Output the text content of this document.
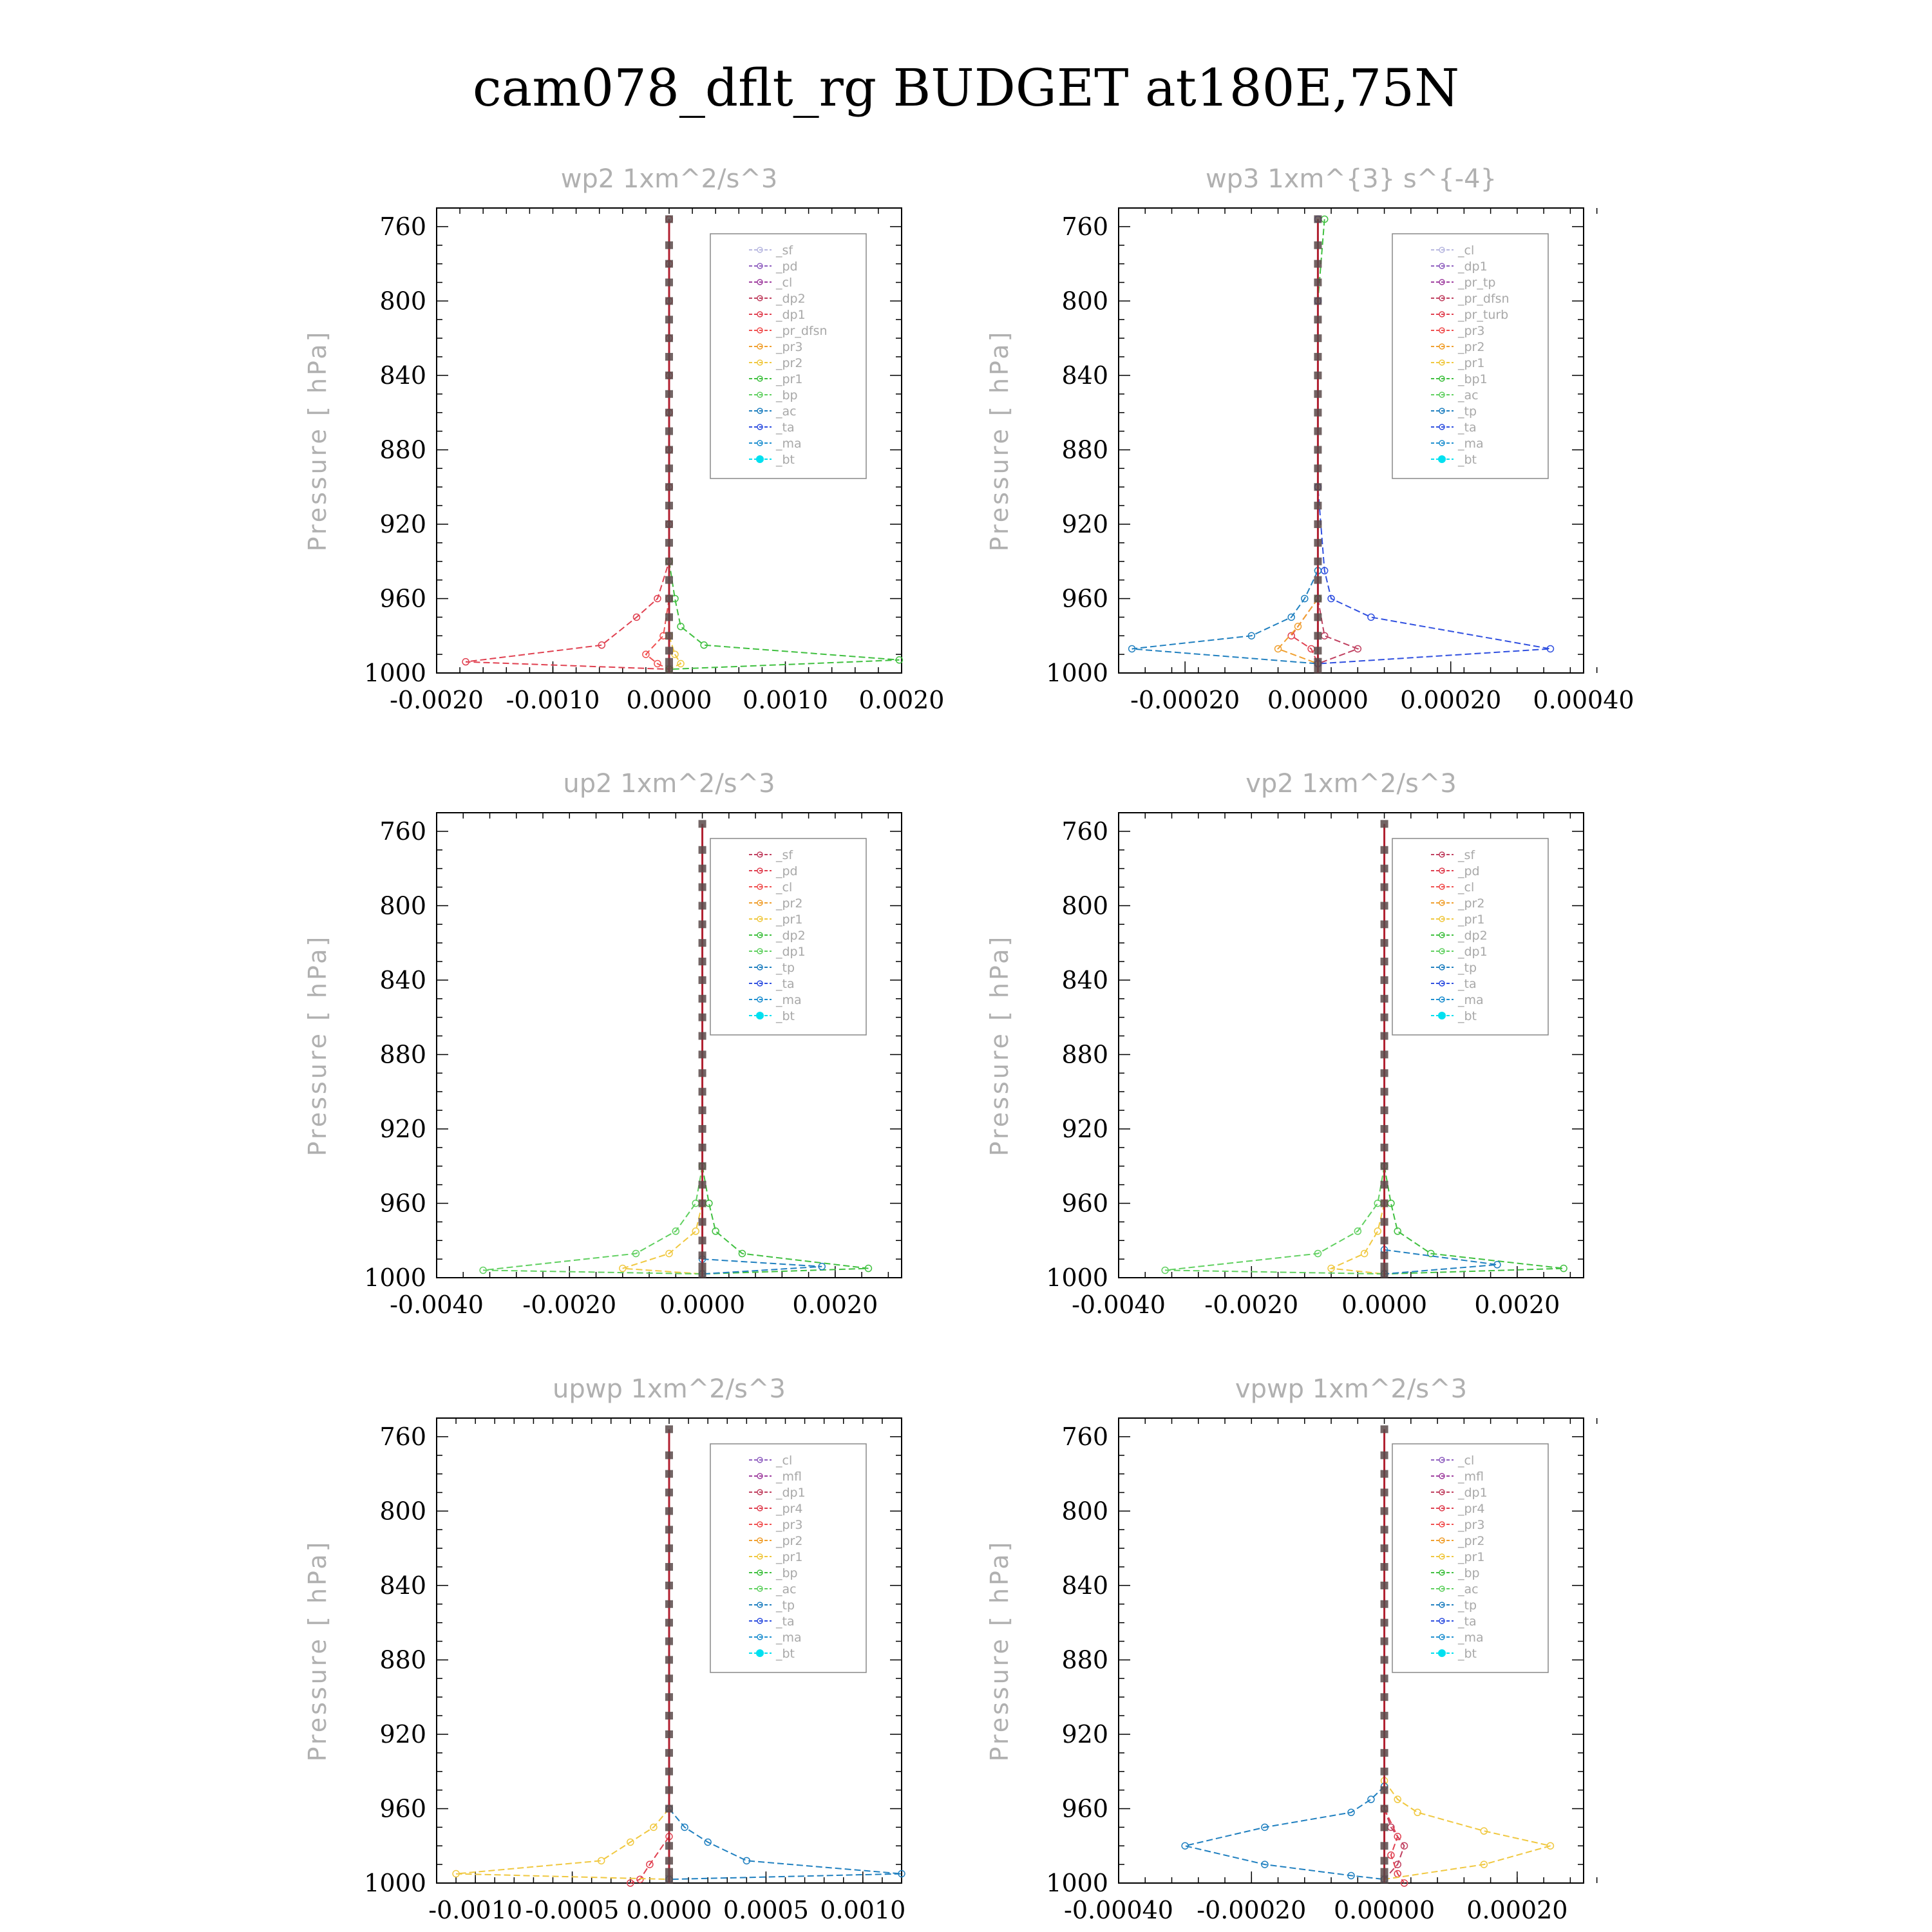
cam078_dflt_rg BUDGET at180E,75N
wp2 1xm^2/s^3
Pressure [ hPa]
760
800
840
880
920
960
1000
-0.0020 -0.0010 0.0000 0.0010 0.0020
_sf
_pd
_cl
_dp2
_dp1
_pr_dfsn
_pr3
_pr2
_pr1
_bp
_ac
_ta
_ma
_bt
wp3 1xm^{3} s^{-4}
Pressure [ hPa]
760
800
840
880
920
960
1000
-0.00020 0.00000 0.00020 0.00040
_cl
_dp1
_pr_tp
_pr_dfsn
_pr_turb
_pr3
_pr2
_pr1
_bp1
_ac
_tp
_ta
_ma
_bt
up2 1xm^2/s^3
Pressure [ hPa]
760
800
840
880
920
960
1000
-0.0040 -0.0020 0.0000 0.0020
_sf
_pd
_cl
_pr2
_pr1
_dp2
_dp1
_tp
_ta
_ma
_bt
vp2 1xm^2/s^3
Pressure [ hPa]
760
800
840
880
920
960
1000
-0.0040 -0.0020 0.0000 0.0020
_sf
_pd
_cl
_pr2
_pr1
_dp2
_dp1
_tp
_ta
_ma
_bt
upwp 1xm^2/s^3
Pressure [ hPa]
760
800
840
880
920
960
1000
-0.0010 -0.0005 0.0000 0.0005 0.0010
_cl
_mfl
_dp1
_pr4
_pr3
_pr2
_pr1
_bp
_ac
_tp
_ta
_ma
_bt
vpwp 1xm^2/s^3
Pressure [ hPa]
760
800
840
880
920
960
1000
-0.00040 -0.00020 0.00000 0.00020
_cl
_mfl
_dp1
_pr4
_pr3
_pr2
_pr1
_bp
_ac
_tp
_ta
_ma
_bt
